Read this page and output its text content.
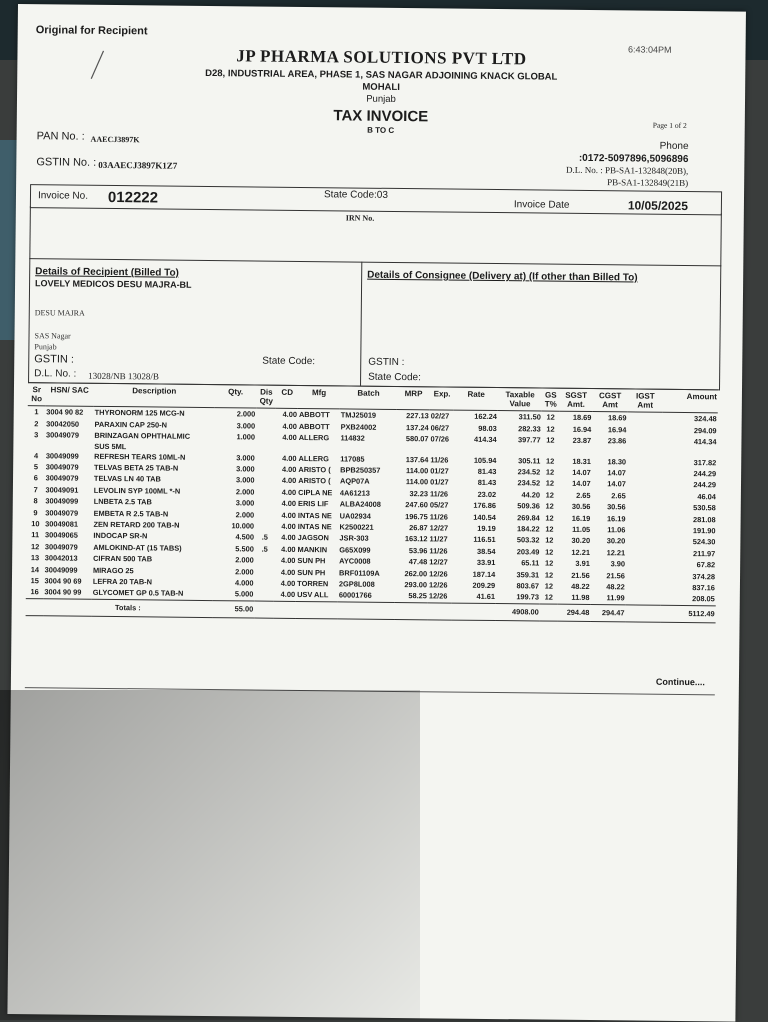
Original for Recipient
6:43:04PM
JP PHARMA SOLUTIONS PVT LTD
D28, INDUSTRIAL AREA, PHASE 1, SAS NAGAR ADJOINING KNACK GLOBAL
MOHALI
Punjab
TAX INVOICE
B TO C
Page 1 of 2
PAN No. : AAECJ3897K
GSTIN No. : 03AAECJ3897K1Z7
Phone
:0172-5097896,5096896
D.L. No. : PB-SA1-132848(20B),
PB-SA1-132849(21B)
Invoice No. 012222	State Code:03
Invoice Date	10/05/2025
IRN No.
Details of Recipient (Billed To)
LOVELY MEDICOS DESU MAJRA-BL
DESU MAJRA
SAS Nagar
Punjab
GSTIN :	State Code:
D.L. No. : 13028/NB 13028/B
Details of Consignee (Delivery at) (If other than Billed To)
GSTIN :
State Code:
Sr No	HSN/ SAC	Description	Qty.	Dis Qty	CD	Mfg	Batch	MRP	Exp.	Rate	Taxable Value	GS T%	SGST Amt.	CGST Amt	IGST Amt	Amount
1	3004 90 82	THYRONORM 125 MCG-N	2.000		4.00	ABBOTT	TMJ25019	227.13	02/27	162.24	311.50	12	18.69	18.69		324.48
2	30042050	PARAXIN CAP 250-N	3.000		4.00	ABBOTT	PXB24002	137.24	06/27	98.03	282.33	12	16.94	16.94		294.09
3	30049079	BRINZAGAN OPHTHALMIC	1.000		4.00	ALLERG	114832	580.07	07/26	414.34	397.77	12	23.87	23.86		414.34
		SUS 5ML														
4	30049099	REFRESH TEARS 10ML-N	3.000		4.00	ALLERG	117085	137.64	11/26	105.94	305.11	12	18.31	18.30		317.82
5	30049079	TELVAS BETA 25 TAB-N	3.000		4.00	ARISTO (	BPB250357	114.00	01/27	81.43	234.52	12	14.07	14.07		244.29
6	30049079	TELVAS LN 40 TAB	3.000		4.00	ARISTO (	AQP07A	114.00	01/27	81.43	234.52	12	14.07	14.07		244.29
7	30049091	LEVOLIN SYP 100ML *-N	2.000		4.00	CIPLA NE	4A61213	32.23	11/26	23.02	44.20	12	2.65	2.65		46.04
8	30049099	LNBETA 2.5 TAB	3.000		4.00	ERIS LIF	ALBA24008	247.60	05/27	176.86	509.36	12	30.56	30.56		530.58
9	30049079	EMBETA R 2.5 TAB-N	2.000		4.00	INTAS NE	UA02934	196.75	11/26	140.54	269.84	12	16.19	16.19		281.08
10	30049081	ZEN RETARD 200 TAB-N	10.000		4.00	INTAS NE	K2500221	26.87	12/27	19.19	184.22	12	11.05	11.06		191.90
11	30049065	INDOCAP SR-N	4.500	.5	4.00	JAGSON	JSR-303	163.12	11/27	116.51	503.32	12	30.20	30.20		524.30
12	30049079	AMLOKIND-AT (15 TABS)	5.500	.5	4.00	MANKIN	G65X099	53.96	11/26	38.54	203.49	12	12.21	12.21		211.97
13	30042013	CIFRAN 500 TAB	2.000		4.00	SUN PH	AYC0008	47.48	12/27	33.91	65.11	12	3.91	3.90		67.82
14	30049099	MIRAGO 25	2.000		4.00	SUN PH	BRF01109A	262.00	12/26	187.14	359.31	12	21.56	21.56		374.28
15	3004 90 69	LEFRA 20 TAB-N	4.000		4.00	TORREN	2GP8L008	293.00	12/26	209.29	803.67	12	48.22	48.22		837.16
16	3004 90 99	GLYCOMET GP 0.5 TAB-N	5.000		4.00	USV ALL	60001766	58.25	12/26	41.61	199.73	12	11.98	11.99		208.05
	Totals :		55.00								4908.00		294.48	294.47		5112.49
Continue....
